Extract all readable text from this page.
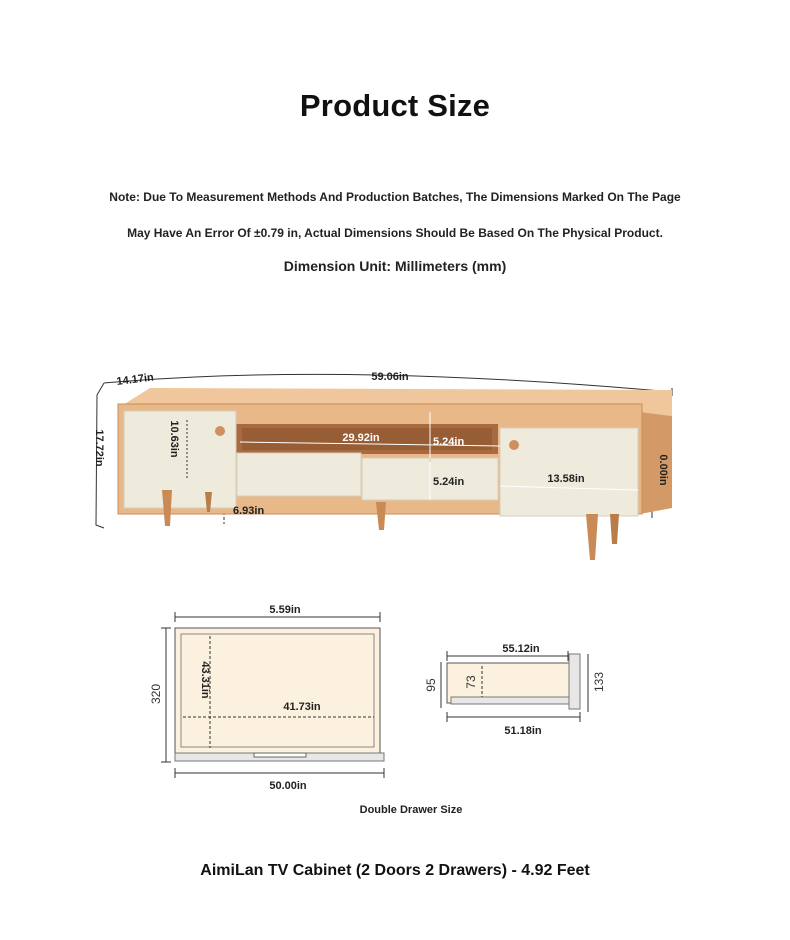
Product Size
Note: Due To Measurement Methods And Production Batches, The Dimensions Marked On The Page
May Have An Error Of ±0.79 in, Actual Dimensions Should Be Based On The Physical Product.
Dimension Unit: Millimeters (mm)
59.06in
14.17in
17.72in	10.63in	29.92in	5.24in
5.24in	13.58in	0.00in
6.93in
5.59in
43.31in
41.73in
50.00in
320
55.12in
51.18in
95 73	133
Double Drawer Size
AimiLan TV Cabinet (2 Doors 2 Drawers) - 4.92 Feet
